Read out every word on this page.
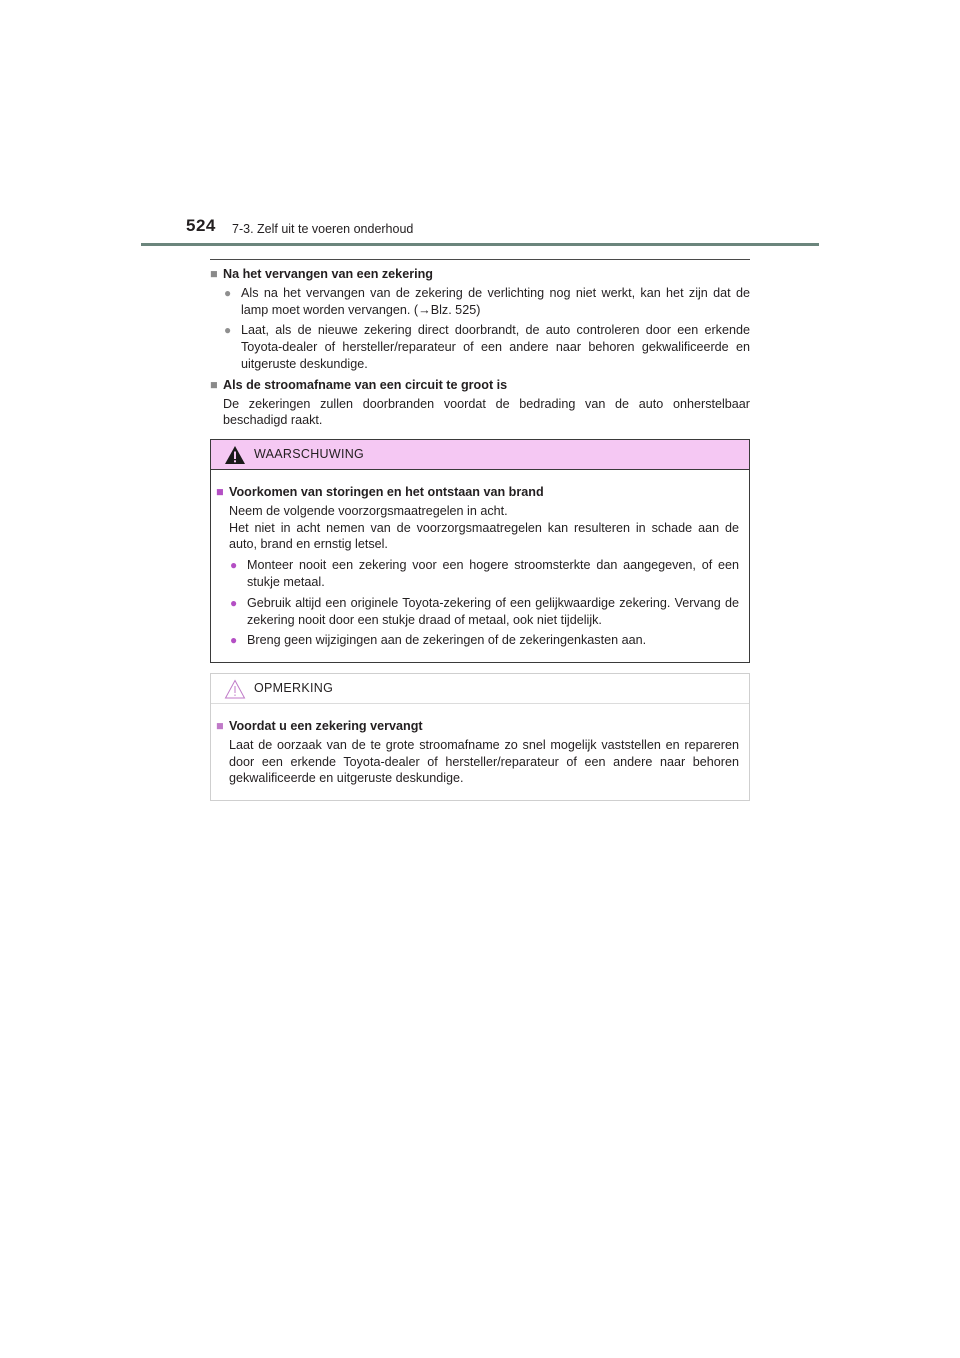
524 7-3. Zelf uit te voeren onderhoud
■ Na het vervangen van een zekering
● Als na het vervangen van de zekering de verlichting nog niet werkt, kan het zijn dat de lamp moet worden vervangen. (→Blz. 525)
● Laat, als de nieuwe zekering direct doorbrandt, de auto controleren door een erkende Toyota-dealer of hersteller/reparateur of een andere naar behoren gekwalificeerde en uitgeruste deskundige.
■ Als de stroomafname van een circuit te groot is
De zekeringen zullen doorbranden voordat de bedrading van de auto onherstelbaar beschadigd raakt.
WAARSCHUWING
■ Voorkomen van storingen en het ontstaan van brand
Neem de volgende voorzorgsmaatregelen in acht.
Het niet in acht nemen van de voorzorgsmaatregelen kan resulteren in schade aan de auto, brand en ernstig letsel.
● Monteer nooit een zekering voor een hogere stroomsterkte dan aangegeven, of een stukje metaal.
● Gebruik altijd een originele Toyota-zekering of een gelijkwaardige zekering. Vervang de zekering nooit door een stukje draad of metaal, ook niet tijdelijk.
● Breng geen wijzigingen aan de zekeringen of de zekeringenkasten aan.
OPMERKING
■ Voordat u een zekering vervangt
Laat de oorzaak van de te grote stroomafname zo snel mogelijk vaststellen en repareren door een erkende Toyota-dealer of hersteller/reparateur of een andere naar behoren gekwalificeerde en uitgeruste deskundige.
